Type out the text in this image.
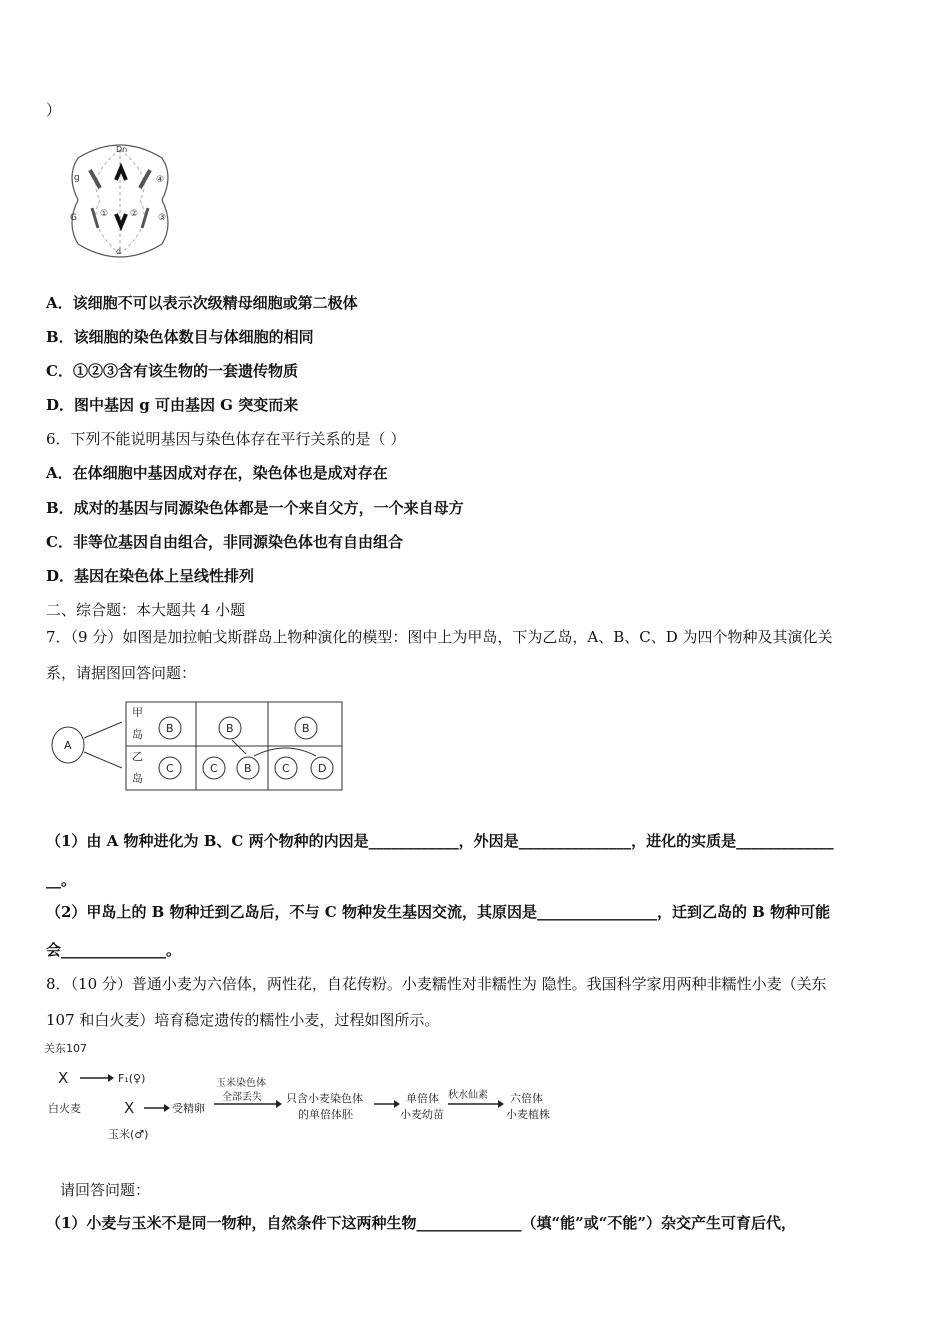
）
Dn
g
① ②
④
G	③
d
A．该细胞不可以表示次级精母细胞或第二极体
B．该细胞的染色体数目与体细胞的相同
C．①②③含有该生物的一套遗传物质
D．图中基因 g 可由基因 G 突变而来
6．下列不能说明基因与染色体存在平行关系的是（ ）
A．在体细胞中基因成对存在，染色体也是成对存在
B．成对的基因与同源染色体都是一个来自父方，一个来自母方
C．非等位基因自由组合，非同源染色体也有自由组合
D．基因在染色体上呈线性排列
二、综合题：本大题共 4 小题
7．（9 分）如图是加拉帕戈斯群岛上物种演化的模型：图中上为甲岛，下为乙岛，A、B、C、D 为四个物种及其演化关
系，请据图回答问题：
A
甲
岛
乙
岛
B	B	B
C	C B	C	D
（1）由 A 物种进化为 B、C 两个物种的内因是____________，外因是_______________，进化的实质是_____________
__。
（2）甲岛上的 B 物种迁到乙岛后，不与 C 物种发生基因交流，其原因是________________，迁到乙岛的 B 物种可能
会______________。
8．（10 分）普通小麦为六倍体，两性花，自花传粉。小麦糯性对非糯性为 隐性。我国科学家用两种非糯性小麦（关东
107 和白火麦）培育稳定遗传的糯性小麦，过程如图所示。
关东107
X	F₁(♀)
白火麦	X	受精卵
玉米(♂)
玉米染色体
全部丢失 只含小麦染色体
的单倍体胚
单倍体
小麦幼苗
秋水仙素 六倍体
小麦植株
请回答问题：
（1）小麦与玉米不是同一物种，自然条件下这两种生物______________（填“能”或“不能”）杂交产生可育后代，
